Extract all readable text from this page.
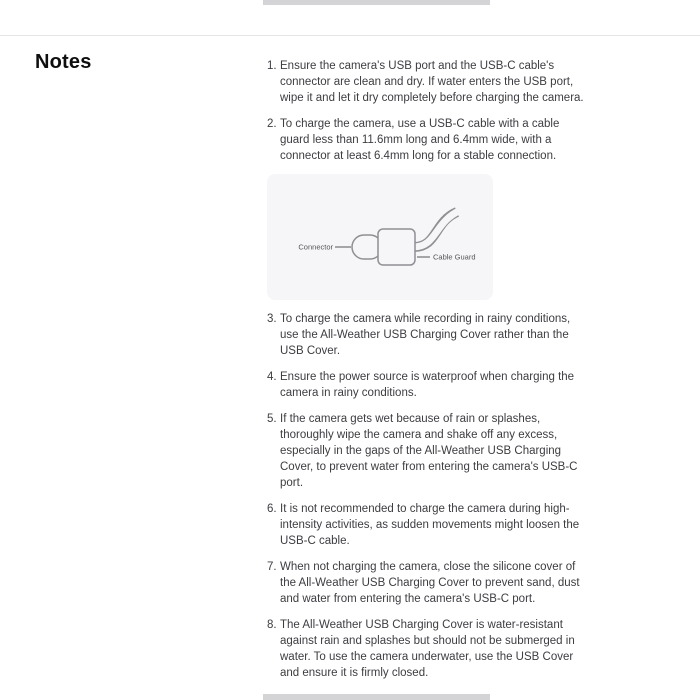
Notes	1. Ensure the camera's USB port and the USB-C cable's connector are clean and dry. If water enters the USB port, wipe it and let it dry completely before charging the camera.
2. To charge the camera, use a USB-C cable with a cable guard less than 11.6mm long and 6.4mm wide, with a connector at least 6.4mm long for a stable connection.
Connector
Cable Guard
3. To charge the camera while recording in rainy conditions, use the All-Weather USB Charging Cover rather than the USB Cover.
4. Ensure the power source is waterproof when charging the camera in rainy conditions.
5. If the camera gets wet because of rain or splashes, thoroughly wipe the camera and shake off any excess, especially in the gaps of the All-Weather USB Charging Cover, to prevent water from entering the camera's USB-C port.
6. It is not recommended to charge the camera during high-intensity activities, as sudden movements might loosen the USB-C cable.
7. When not charging the camera, close the silicone cover of the All-Weather USB Charging Cover to prevent sand, dust and water from entering the camera's USB-C port.
8. The All-Weather USB Charging Cover is water-resistant against rain and splashes but should not be submerged in water. To use the camera underwater, use the USB Cover and ensure it is firmly closed.
